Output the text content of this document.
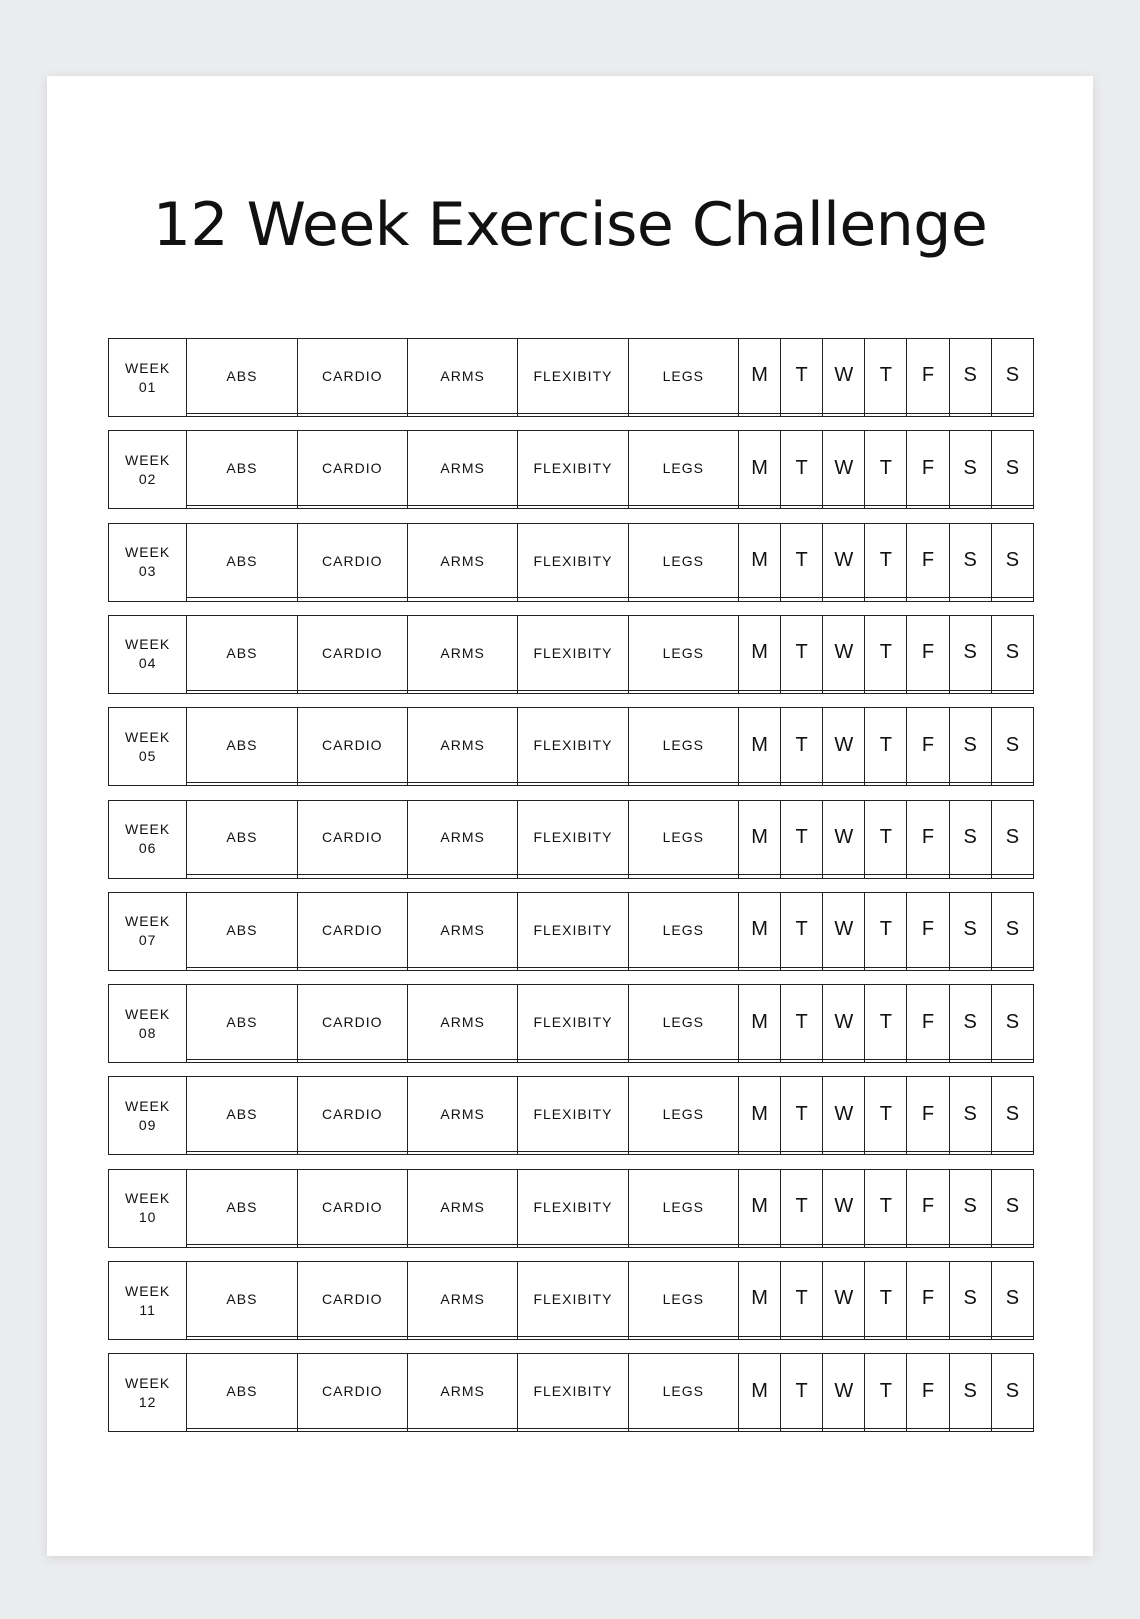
12 Week Exercise Challenge
WEEK
01	ABS	CARDIO	ARMS	FLEXIBITY	LEGS	M	T	W	T	F	S	S

WEEK
02	ABS	CARDIO	ARMS	FLEXIBITY	LEGS	M	T	W	T	F	S	S

WEEK
03	ABS	CARDIO	ARMS	FLEXIBITY	LEGS	M	T	W	T	F	S	S

WEEK
04	ABS	CARDIO	ARMS	FLEXIBITY	LEGS	M	T	W	T	F	S	S

WEEK
05	ABS	CARDIO	ARMS	FLEXIBITY	LEGS	M	T	W	T	F	S	S

WEEK
06	ABS	CARDIO	ARMS	FLEXIBITY	LEGS	M	T	W	T	F	S	S

WEEK
07	ABS	CARDIO	ARMS	FLEXIBITY	LEGS	M	T	W	T	F	S	S

WEEK
08	ABS	CARDIO	ARMS	FLEXIBITY	LEGS	M	T	W	T	F	S	S

WEEK
09	ABS	CARDIO	ARMS	FLEXIBITY	LEGS	M	T	W	T	F	S	S

WEEK
10	ABS	CARDIO	ARMS	FLEXIBITY	LEGS	M	T	W	T	F	S	S

WEEK
11	ABS	CARDIO	ARMS	FLEXIBITY	LEGS	M	T	W	T	F	S	S

WEEK
12	ABS	CARDIO	ARMS	FLEXIBITY	LEGS	M	T	W	T	F	S	S
